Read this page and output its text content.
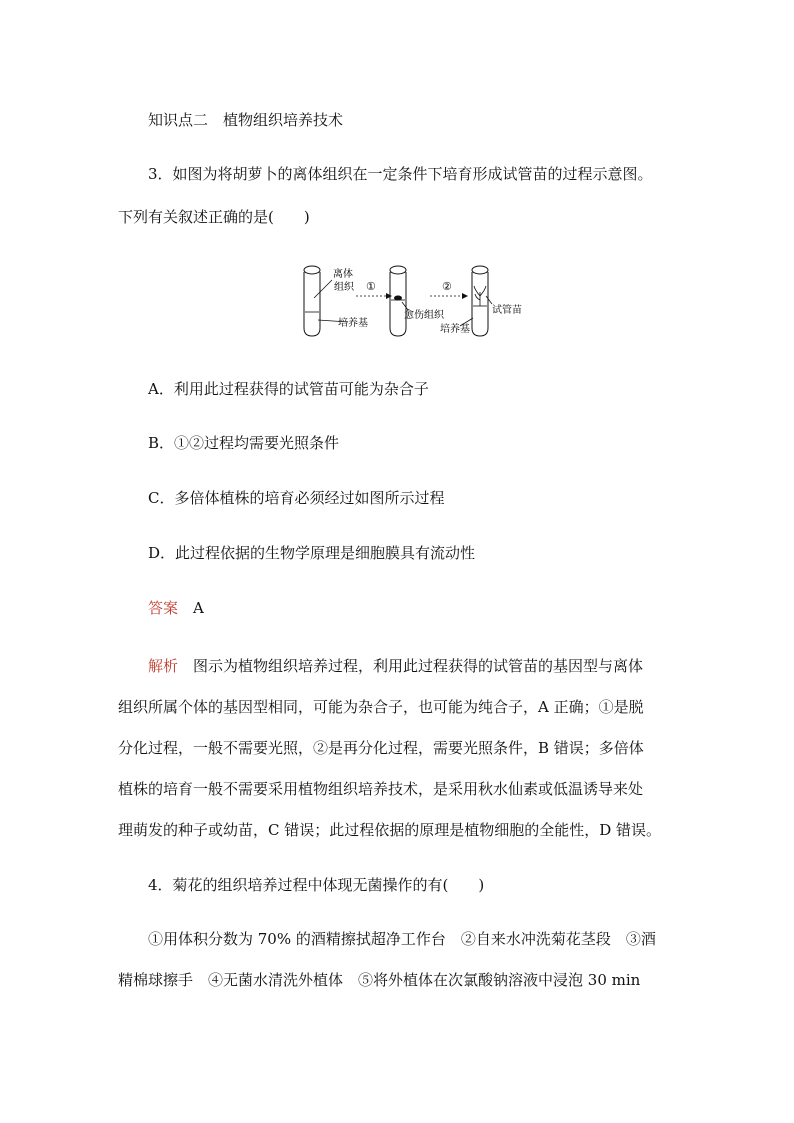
知识点二　植物组织培养技术
3．如图为将胡萝卜的离体组织在一定条件下培育形成试管苗的过程示意图。
下列有关叙述正确的是(　　)
离体
组织
培养基
①
愈伤组织
②
试管苗
培养基
A．利用此过程获得的试管苗可能为杂合子
B．①②过程均需要光照条件
C．多倍体植株的培育必须经过如图所示过程
D．此过程依据的生物学原理是细胞膜具有流动性
答案　 A
解析　 图示为植物组织培养过程，利用此过程获得的试管苗的基因型与离体
组织所属个体的基因型相同，可能为杂合子，也可能为纯合子，A 正确；①是脱
分化过程，一般不需要光照，②是再分化过程，需要光照条件，B 错误；多倍体
植株的培育一般不需要采用植物组织培养技术，是采用秋水仙素或低温诱导来处
理萌发的种子或幼苗，C 错误；此过程依据的原理是植物细胞的全能性，D 错误。
4．菊花的组织培养过程中体现无菌操作的有(　　)
①用体积分数为 70% 的酒精擦拭超净工作台　②自来水冲洗菊花茎段　③酒
精棉球擦手　④无菌水清洗外植体　⑤将外植体在次氯酸钠溶液中浸泡 30 min
